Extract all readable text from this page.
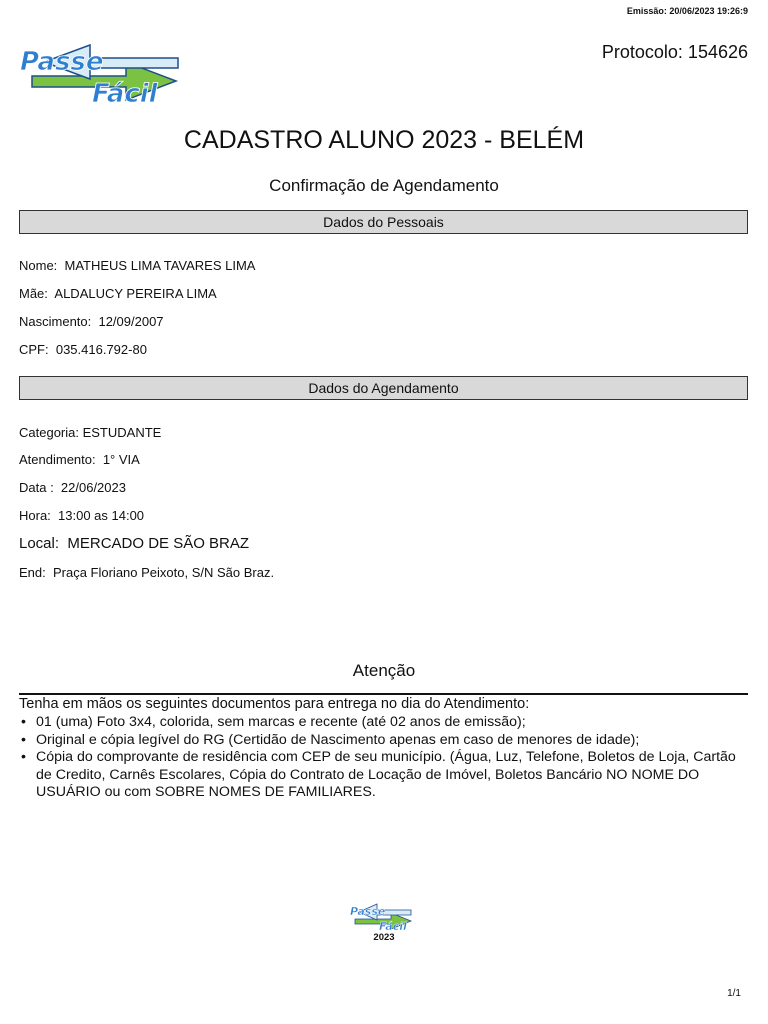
Emissão: 20/06/2023 19:26:9
Protocolo: 154626
Passe
Fácil
CADASTRO ALUNO 2023 - BELÉM
Confirmação de Agendamento
Dados do Pessoais
Nome:  MATHEUS LIMA TAVARES LIMA
Mãe:  ALDALUCY PEREIRA LIMA
Nascimento:  12/09/2007
CPF:  035.416.792-80
Dados do Agendamento
Categoria: ESTUDANTE
Atendimento:  1° VIA
Data :  22/06/2023
Hora:  13:00 as 14:00
Local:  MERCADO DE SÃO BRAZ
End:  Praça Floriano Peixoto, S/N São Braz.
Atenção
Tenha em mãos os seguintes documentos para entrega no dia do Atendimento:
• 01 (uma) Foto 3x4, colorida, sem marcas e recente (até 02 anos de emissão);
• Original e cópia legível do RG (Certidão de Nascimento apenas em caso de menores de idade);
• Cópia do comprovante de residência com CEP de seu município. (Água, Luz, Telefone, Boletos de Loja, Cartão de Credito, Carnês Escolares, Cópia do Contrato de Locação de Imóvel, Boletos Bancário NO NOME DO USUÁRIO ou com SOBRE NOMES DE FAMILIARES.
Passe
Fácil
2023
1/1
